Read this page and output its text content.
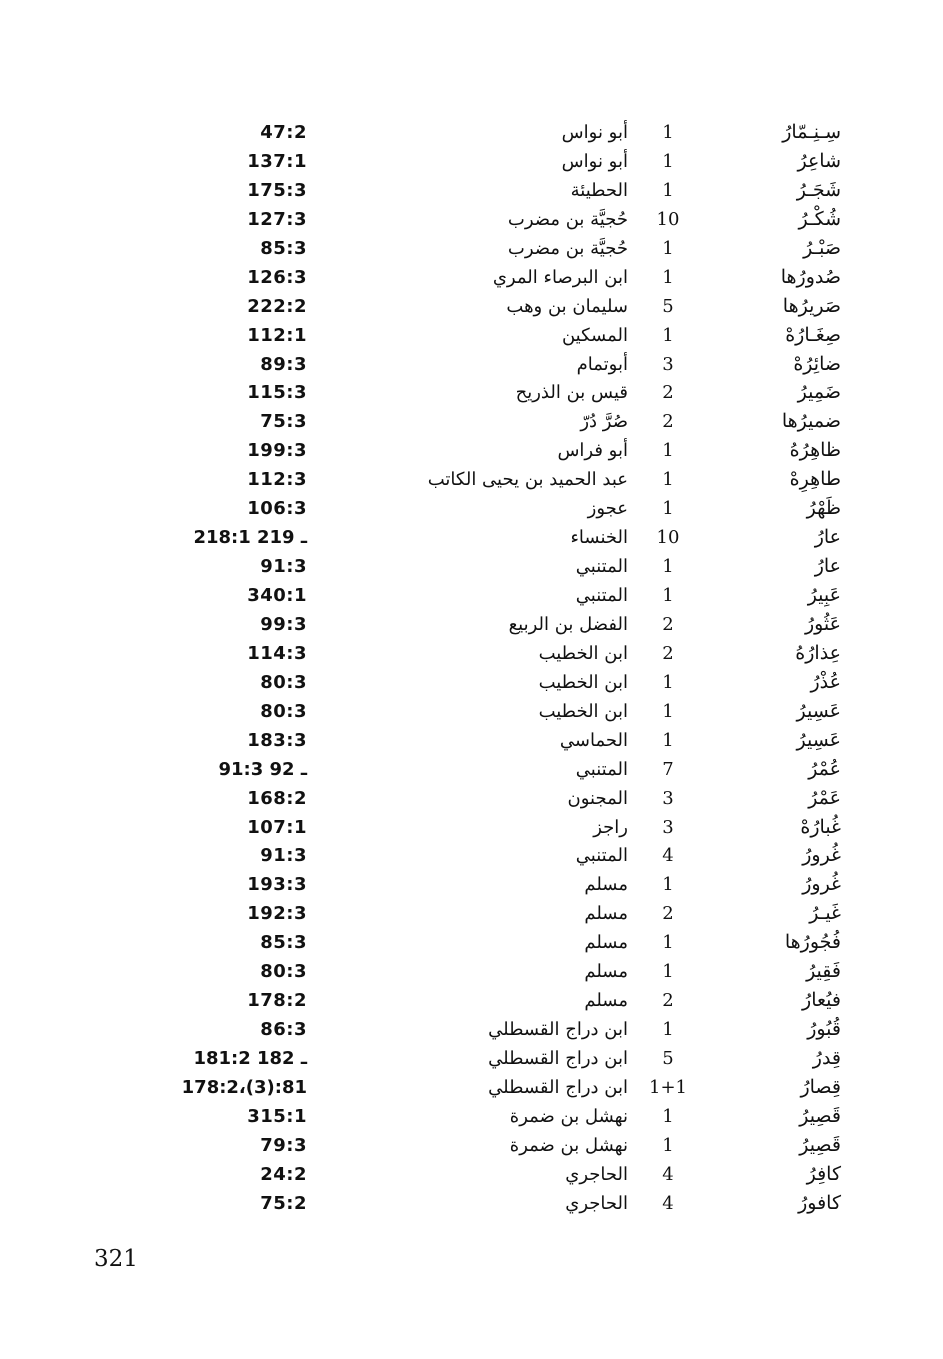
سِـنِـمّارُ
1
أبو نواس
47:2
شاعِرُ
1
أبو نواس
137:1
شَجَـرُ
1
الحطيئة
175:3
شُكْـرُ
10
حُجيَّة بن مضرب
127:3
صَبْـرُ
1
حُجيَّة بن مضرب
85:3
صُدورُها
1
ابن البرصاء المري
126:3
صَريرُها
5
سليمان بن وهب
222:2
صِغَـارُهْ
1
المسكين
112:1
ضائِرُهْ
3
أبوتمام
89:3
ضَمِيرُ
2
قيس بن الذريح
115:3
ضميرُها
2
صُرَّ دُرّ
75:3
ظاهِرُهُ
1
أبو فراس
199:3
طاهِرِهْ
1
عبد الحميد بن يحيى الكاتب
112:3
ظَهْرُ
1
عجوز
106:3
عارُ
10
الخنساء
218:1 ـ 219
عارُ
1
المتنبي
91:3
عَبِيرُ
1
المتنبي
340:1
عَثُورُ
2
الفضل بن الربيع
99:3
عِذارُهُ
2
ابن الخطيب
114:3
عُذْرُ
1
ابن الخطيب
80:3
عَسِيرُ
1
ابن الخطيب
80:3
عَسِيرُ
1
الحماسي
183:3
عُمْرُ
7
المتنبي
91:3 ـ 92
عَمْرُ
3
المجنون
168:2
غُبارُهْ
3
راجز
107:1
غُرورُ
4
المتنبي
91:3
غُرورُ
1
مسلم
193:3
غَيـرُ
2
مسلم
192:3
فُجُورُها
1
مسلم
85:3
فَقِيرُ
1
مسلم
80:3
فيُعارُ
2
مسلم
178:2
قُبُورُ
1
ابن دراج القسطلي
86:3
قِدرُ
5
ابن دراج القسطلي
181:2 ـ 182
قِصارُ
1+1
ابن دراج القسطلي
178:2،(3):81
قَصِيرُ
1
نهشل بن ضمرة
315:1
قَصِيرُ
1
نهشل بن ضمرة
79:3
كافِرُ
4
الحاجري
24:2
كافورُ
4
الحاجري
75:2
321
